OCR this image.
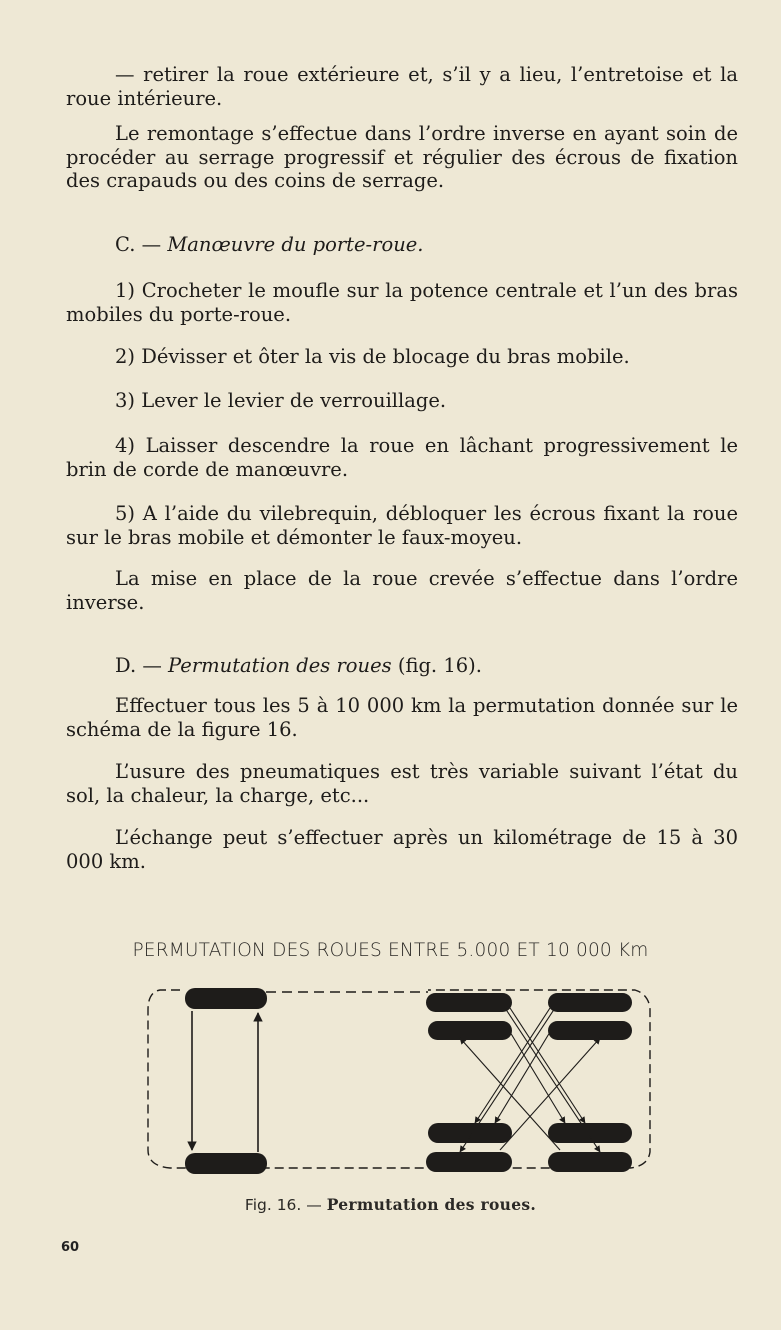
— retirer la roue extérieure et, s’il y a lieu, l’entretoise et la roue intérieure.

Le remontage s’effectue dans l’ordre inverse en ayant soin de procéder au serrage progressif et régulier des écrous de fixation des crapauds ou des coins de serrage.

C. — Manœuvre du porte-roue.

1) Crocheter le moufle sur la potence centrale et l’un des bras mobiles du porte-roue.

2) Dévisser et ôter la vis de blocage du bras mobile.

3) Lever le levier de verrouillage.

4) Laisser descendre la roue en lâchant progressivement le brin de corde de manœuvre.

5) A l’aide du vilebrequin, débloquer les écrous fixant la roue sur le bras mobile et démonter le faux-moyeu.

La mise en place de la roue crevée s’effectue dans l’ordre inverse.

D. — Permutation des roues (fig. 16).

Effectuer tous les 5 à 10 000 km la permutation donnée sur le schéma de la figure 16.

L’usure des pneumatiques est très variable suivant l’état du sol, la chaleur, la charge, etc...

L’échange peut s’effectuer après un kilométrage de 15 à 30 000 km.

PERMUTATION DES ROUES ENTRE 5.000 ET 10 000 Km
Fig. 16. — Permutation des roues.
60
